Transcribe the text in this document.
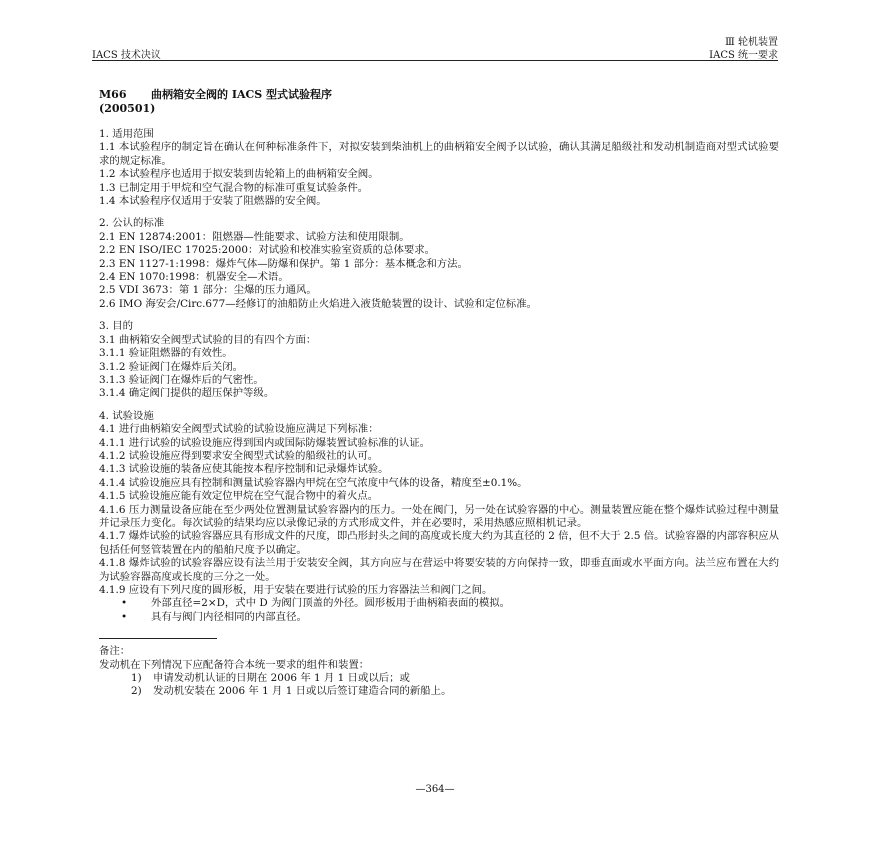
Ⅲ 轮机装置
IACS 技术决议	IACS 统一要求
M66 曲柄箱安全阀的 IACS 型式试验程序
(200501)
1. 适用范围
1.1 本试验程序的制定旨在确认在何种标准条件下，对拟安装到柴油机上的曲柄箱安全阀予以试验，确认其满足船级社和发动机制造商对型式试验要求的规定标准。
1.2 本试验程序也适用于拟安装到齿轮箱上的曲柄箱安全阀。
1.3 已制定用于甲烷和空气混合物的标准可重复试验条件。
1.4 本试验程序仅适用于安装了阻燃器的安全阀。
2. 公认的标准
2.1 EN 12874:2001：阻燃器—性能要求、试验方法和使用限制。
2.2 EN ISO/IEC 17025:2000：对试验和校准实验室资质的总体要求。
2.3 EN 1127-1:1998：爆炸气体—防爆和保护。第 1 部分：基本概念和方法。
2.4 EN 1070:1998：机器安全—术语。
2.5 VDI 3673：第 1 部分：尘爆的压力通风。
2.6 IMO 海安会/Circ.677—经修订的油船防止火焰进入液货舱装置的设计、试验和定位标准。
3. 目的
3.1 曲柄箱安全阀型式试验的目的有四个方面：
3.1.1 验证阻燃器的有效性。
3.1.2 验证阀门在爆炸后关闭。
3.1.3 验证阀门在爆炸后的气密性。
3.1.4 确定阀门提供的超压保护等级。
4. 试验设施
4.1 进行曲柄箱安全阀型式试验的试验设施应满足下列标准：
4.1.1 进行试验的试验设施应得到国内或国际防爆装置试验标准的认证。
4.1.2 试验设施应得到要求安全阀型式试验的船级社的认可。
4.1.3 试验设施的装备应使其能按本程序控制和记录爆炸试验。
4.1.4 试验设施应具有控制和测量试验容器内甲烷在空气浓度中气体的设备，精度至±0.1%。
4.1.5 试验设施应能有效定位甲烷在空气混合物中的着火点。
4.1.6 压力测量设备应能在至少两处位置测量试验容器内的压力。一处在阀门，另一处在试验容器的中心。测量装置应能在整个爆炸试验过程中测量并记录压力变化。每次试验的结果均应以录像记录的方式形成文件，并在必要时，采用热感应照相机记录。
4.1.7 爆炸试验的试验容器应具有形成文件的尺度，即凸形封头之间的高度或长度大约为其直径的 2 倍，但不大于 2.5 倍。试验容器的内部容积应从包括任何竖管装置在内的船舶尺度予以确定。
4.1.8 爆炸试验的试验容器应设有法兰用于安装安全阀，其方向应与在营运中将要安装的方向保持一致，即垂直面或水平面方向。法兰应布置在大约为试验容器高度或长度的三分之一处。
4.1.9 应设有下列尺度的圆形板，用于安装在要进行试验的压力容器法兰和阀门之间。
• 外部直径=2×D，式中 D 为阀门顶盖的外径。圆形板用于曲柄箱表面的模拟。
• 具有与阀门内径相同的内部直径。
备注：
发动机在下列情况下应配备符合本统一要求的组件和装置：
1) 申请发动机认证的日期在 2006 年 1 月 1 日或以后；或
2) 发动机安装在 2006 年 1 月 1 日或以后签订建造合同的新船上。
—364—
